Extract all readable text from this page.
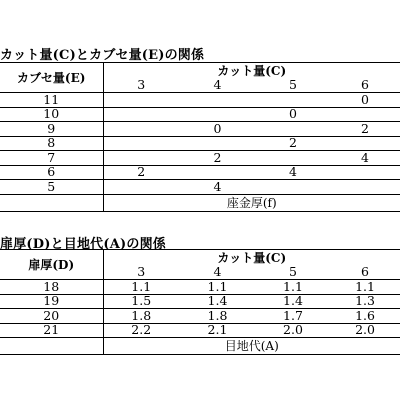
カット量(C)とカブセ量(E)の関係
カブセ量(E)	カット量(C)			
	3	4	5	6
11				0
10			0	
9		0		2
8			2	
7		2		4
6	2		4	
5		4		
	座金厚(f)			
扉厚(D)と目地代(A)の関係
扉厚(D)	カット量(C)			
	3	4	5	6
18	1.1	1.1	1.1	1.1
19	1.5	1.4	1.4	1.3
20	1.8	1.8	1.7	1.6
21	2.2	2.1	2.0	2.0
	目地代(A)			
